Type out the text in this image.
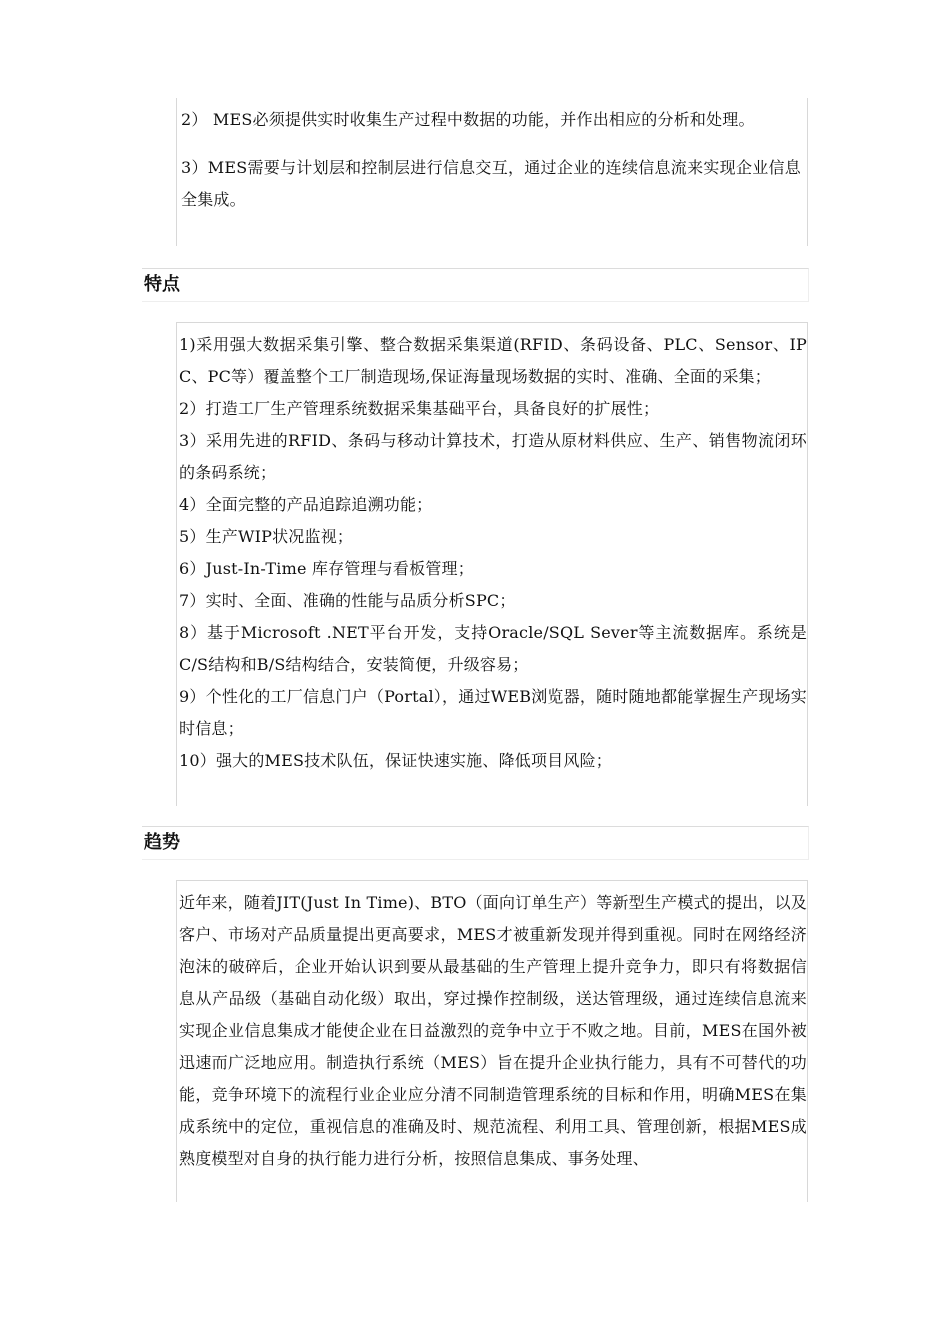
2） MES必须提供实时收集生产过程中数据的功能，并作出相应的分析和处理。

3）MES需要与计划层和控制层进行信息交互，通过企业的连续信息流来实现企业信息全集成。

特点

1)采用强大数据采集引擎、整合数据采集渠道(RFID、条码设备、PLC、Sensor、IPC、PC等）覆盖整个工厂制造现场,保证海量现场数据的实时、准确、全面的采集；

2）打造工厂生产管理系统数据采集基础平台，具备良好的扩展性；

3）采用先进的RFID、条码与移动计算技术，打造从原材料供应、生产、销售物流闭环的条码系统；

4）全面完整的产品追踪追溯功能；

5）生产WIP状况监视；

6）Just-In-Time 库存管理与看板管理；

7）实时、全面、准确的性能与品质分析SPC；

8）基于Microsoft .NET平台开发，支持Oracle/SQL Sever等主流数据库。系统是C/S结构和B/S结构结合，安装简便，升级容易；

9）个性化的工厂信息门户（Portal），通过WEB浏览器，随时随地都能掌握生产现场实时信息；

10）强大的MES技术队伍，保证快速实施、降低项目风险；

趋势

近年来，随着JIT(Just In Time)、BTO（面向订单生产）等新型生产模式的提出，以及客户、市场对产品质量提出更高要求，MES才被重新发现并得到重视。同时在网络经济泡沫的破碎后，企业开始认识到要从最基础的生产管理上提升竞争力，即只有将数据信息从产品级（基础自动化级）取出，穿过操作控制级，送达管理级，通过连续信息流来实现企业信息集成才能使企业在日益激烈的竞争中立于不败之地。目前，MES在国外被迅速而广泛地应用。制造执行系统（MES）旨在提升企业执行能力，具有不可替代的功能，竞争环境下的流程行业企业应分清不同制造管理系统的目标和作用，明确MES在集成系统中的定位，重视信息的准确及时、规范流程、利用工具、管理创新，根据MES成熟度模型对自身的执行能力进行分析，按照信息集成、事务处理、
